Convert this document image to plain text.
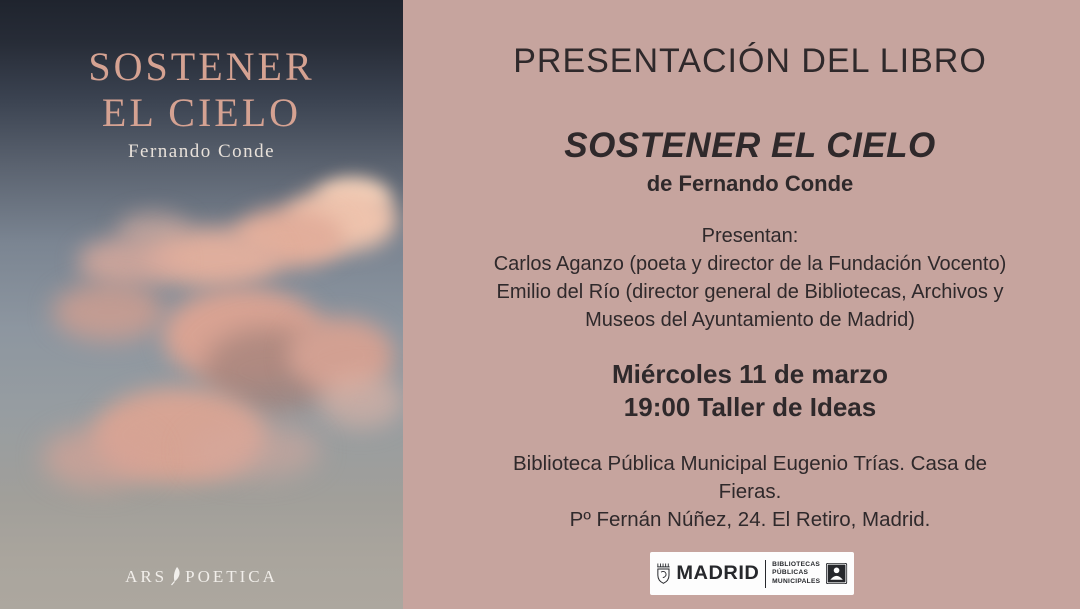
SOSTENER
EL CIELO
Fernando Conde
ARS POETICA
PRESENTACIÓN DEL LIBRO
SOSTENER EL CIELO
de Fernando Conde
Presentan:
Carlos Aganzo (poeta y director de la Fundación Vocento)
Emilio del Río (director general de Bibliotecas, Archivos y Museos del Ayuntamiento de Madrid)
Miércoles 11 de marzo
19:00 Taller de Ideas
Biblioteca Pública Municipal Eugenio Trías. Casa de Fieras.
Pº Fernán Núñez, 24. El Retiro, Madrid.
MADRID BIBLIOTECAS
PÚBLICAS
MUNICIPALES
